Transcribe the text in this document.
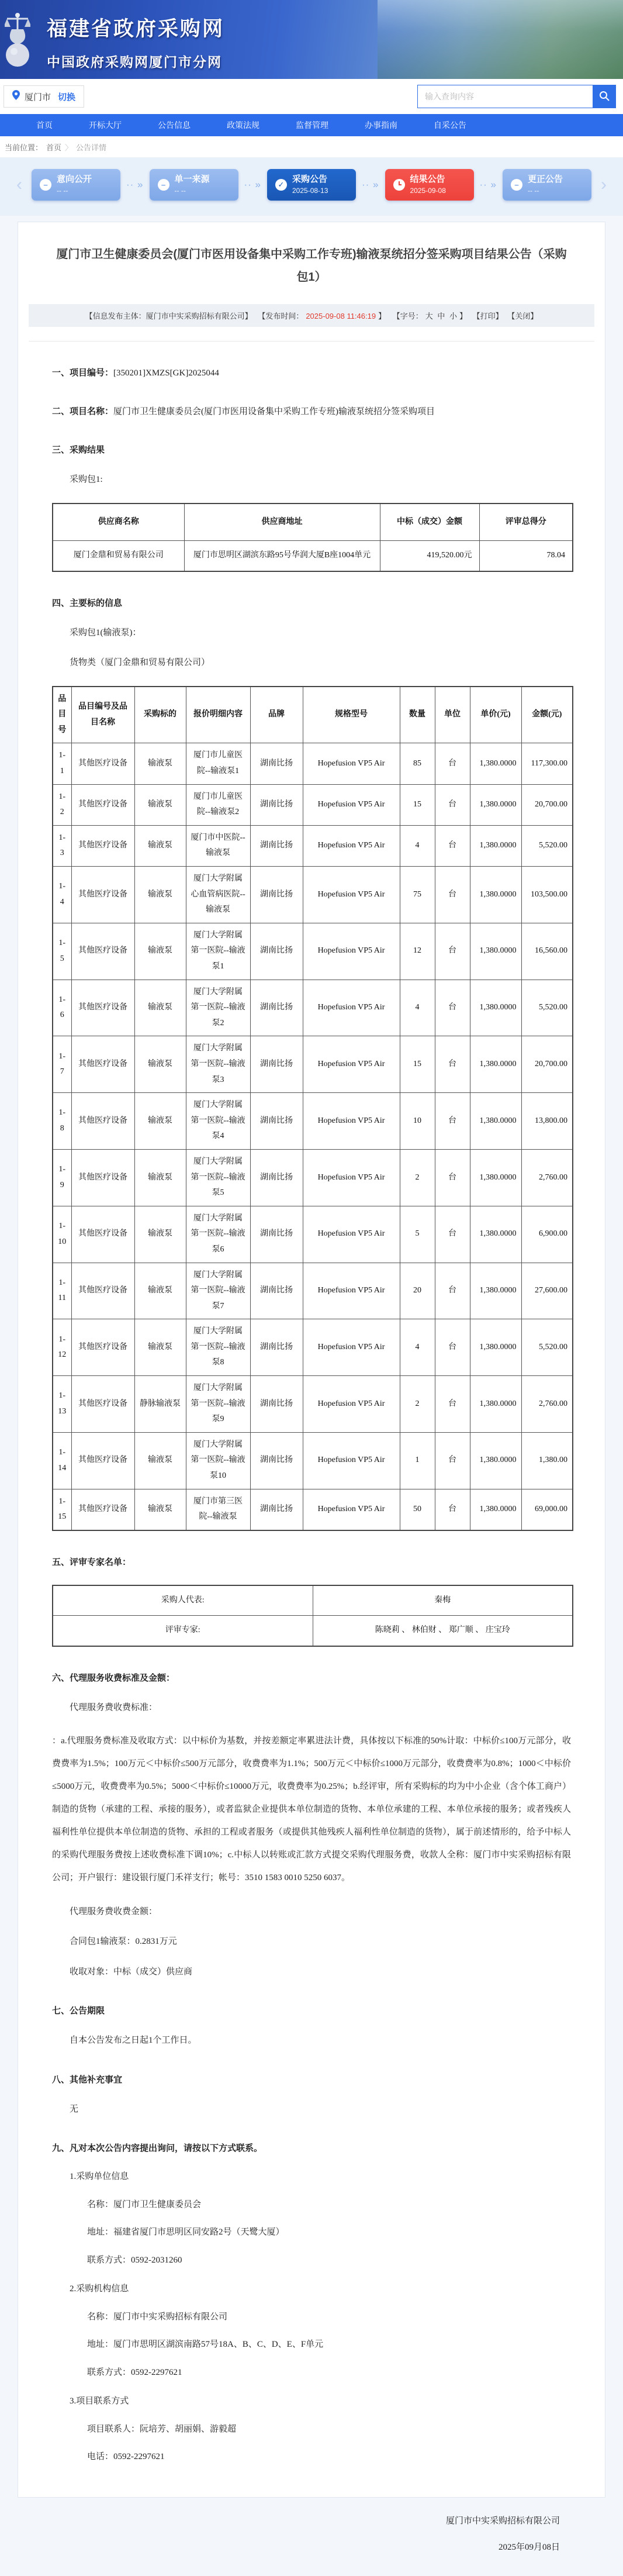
福建省政府采购网
中国政府采购网厦门市分网
厦门市 切换
输入查询内容
首页	开标大厅	公告信息	政策法规	监督管理	办事指南	自采公告
当前位置： 首页 〉 公告详情
‹ −	意向公开
-- --
·· »
−
单一来源
-- --
·· »
✓
采购公告
2025-08-13
·· »
结果公告
2025-09-08
·· »
−
更正公告
-- --	›
厦门市卫生健康委员会(厦门市医用设备集中采购工作专班)输液泵统招分签采购项目结果公告（采购包1）
【信息发布主体：厦门市中实采购招标有限公司】 【发布时间： 2025-09-08 11:46:19 】 【字号： 大 中 小 】 【打印】 【关闭】
一、项目编号：[350201]XMZS[GK]2025044
二、项目名称：厦门市卫生健康委员会(厦门市医用设备集中采购工作专班)输液泵统招分签采购项目
三、采购结果
采购包1:
供应商名称	供应商地址	中标（成交）金额	评审总得分
厦门金鼎和贸易有限公司	厦门市思明区湖滨东路95号华润大厦B座1004单元	419,520.00元	78.04
四、主要标的信息
采购包1(输液泵)：
货物类（厦门金鼎和贸易有限公司）
品目号	品目编号及品目名称	采购标的	报价明细内容	品牌	规格型号	数量	单位	单价(元)	金额(元)
1-1	其他医疗设备	输液泵	厦门市儿童医院--输液泵1	湖南比扬	Hopefusion VP5 Air	85	台	1,380.0000	117,300.00
1-2	其他医疗设备	输液泵	厦门市儿童医院--输液泵2	湖南比扬	Hopefusion VP5 Air	15	台	1,380.0000	20,700.00
1-3	其他医疗设备	输液泵	厦门市中医院--输液泵	湖南比扬	Hopefusion VP5 Air	4	台	1,380.0000	5,520.00
1-4	其他医疗设备	输液泵	厦门大学附属心血管病医院--输液泵	湖南比扬	Hopefusion VP5 Air	75	台	1,380.0000	103,500.00
1-5	其他医疗设备	输液泵	厦门大学附属第一医院--输液泵1	湖南比扬	Hopefusion VP5 Air	12	台	1,380.0000	16,560.00
1-6	其他医疗设备	输液泵	厦门大学附属第一医院--输液泵2	湖南比扬	Hopefusion VP5 Air	4	台	1,380.0000	5,520.00
1-7	其他医疗设备	输液泵	厦门大学附属第一医院--输液泵3	湖南比扬	Hopefusion VP5 Air	15	台	1,380.0000	20,700.00
1-8	其他医疗设备	输液泵	厦门大学附属第一医院--输液泵4	湖南比扬	Hopefusion VP5 Air	10	台	1,380.0000	13,800.00
1-9	其他医疗设备	输液泵	厦门大学附属第一医院--输液泵5	湖南比扬	Hopefusion VP5 Air	2	台	1,380.0000	2,760.00
1-10	其他医疗设备	输液泵	厦门大学附属第一医院--输液泵6	湖南比扬	Hopefusion VP5 Air	5	台	1,380.0000	6,900.00
1-11	其他医疗设备	输液泵	厦门大学附属第一医院--输液泵7	湖南比扬	Hopefusion VP5 Air	20	台	1,380.0000	27,600.00
1-12	其他医疗设备	输液泵	厦门大学附属第一医院--输液泵8	湖南比扬	Hopefusion VP5 Air	4	台	1,380.0000	5,520.00
1-13	其他医疗设备	静脉输液泵	厦门大学附属第一医院--输液泵9	湖南比扬	Hopefusion VP5 Air	2	台	1,380.0000	2,760.00
1-14	其他医疗设备	输液泵	厦门大学附属第一医院--输液泵10	湖南比扬	Hopefusion VP5 Air	1	台	1,380.0000	1,380.00
1-15	其他医疗设备	输液泵	厦门市第三医院--输液泵	湖南比扬	Hopefusion VP5 Air	50	台	1,380.0000	69,000.00
五、评审专家名单：
采购人代表:	秦梅
评审专家:	陈晓莉 、 林伯财 、 郑广顺 、 庄宝玲
六、代理服务收费标准及金额：
代理服务费收费标准：
：a.代理服务费标准及收取方式：以中标价为基数，并按差额定率累进法计费，具体按以下标准的50%计取：中标价≤100万元部分，收费费率为1.5%；100万元＜中标价≤500万元部分，收费费率为1.1%；500万元＜中标价≤1000万元部分，收费费率为0.8%；1000＜中标价≤5000万元，收费费率为0.5%；5000＜中标价≤10000万元，收费费率为0.25%；b.经评审，所有采购标的均为中小企业（含个体工商户）制造的货物（承建的工程、承接的服务），或者监狱企业提供本单位制造的货物、本单位承建的工程、本单位承接的服务；或者残疾人福利性单位提供本单位制造的货物、承担的工程或者服务（或提供其他残疾人福利性单位制造的货物），属于前述情形的，给予中标人的采购代理服务费按上述收费标准下调10%；c.中标人以转账或汇款方式提交采购代理服务费，收款人全称：厦门市中实采购招标有限公司；开户银行：建设银行厦门禾祥支行；帐号：3510 1583 0010 5250 6037。
代理服务费收费金额：
合同包1输液泵：0.2831万元
收取对象：中标（成交）供应商
七、公告期限
自本公告发布之日起1个工作日。
八、其他补充事宜
无
九、凡对本次公告内容提出询问，请按以下方式联系。
1.采购单位信息
名称：厦门市卫生健康委员会
地址：福建省厦门市思明区同安路2号（天鹭大厦）
联系方式：0592-2031260
2.采购机构信息
名称：厦门市中实采购招标有限公司
地址：厦门市思明区湖滨南路57号18A、B、C、D、E、F单元
联系方式：0592-2297621
3.项目联系方式
项目联系人：阮培芳、胡丽娟、游毅超
电话：0592-2297621
厦门市中实采购招标有限公司
2025年09月08日
